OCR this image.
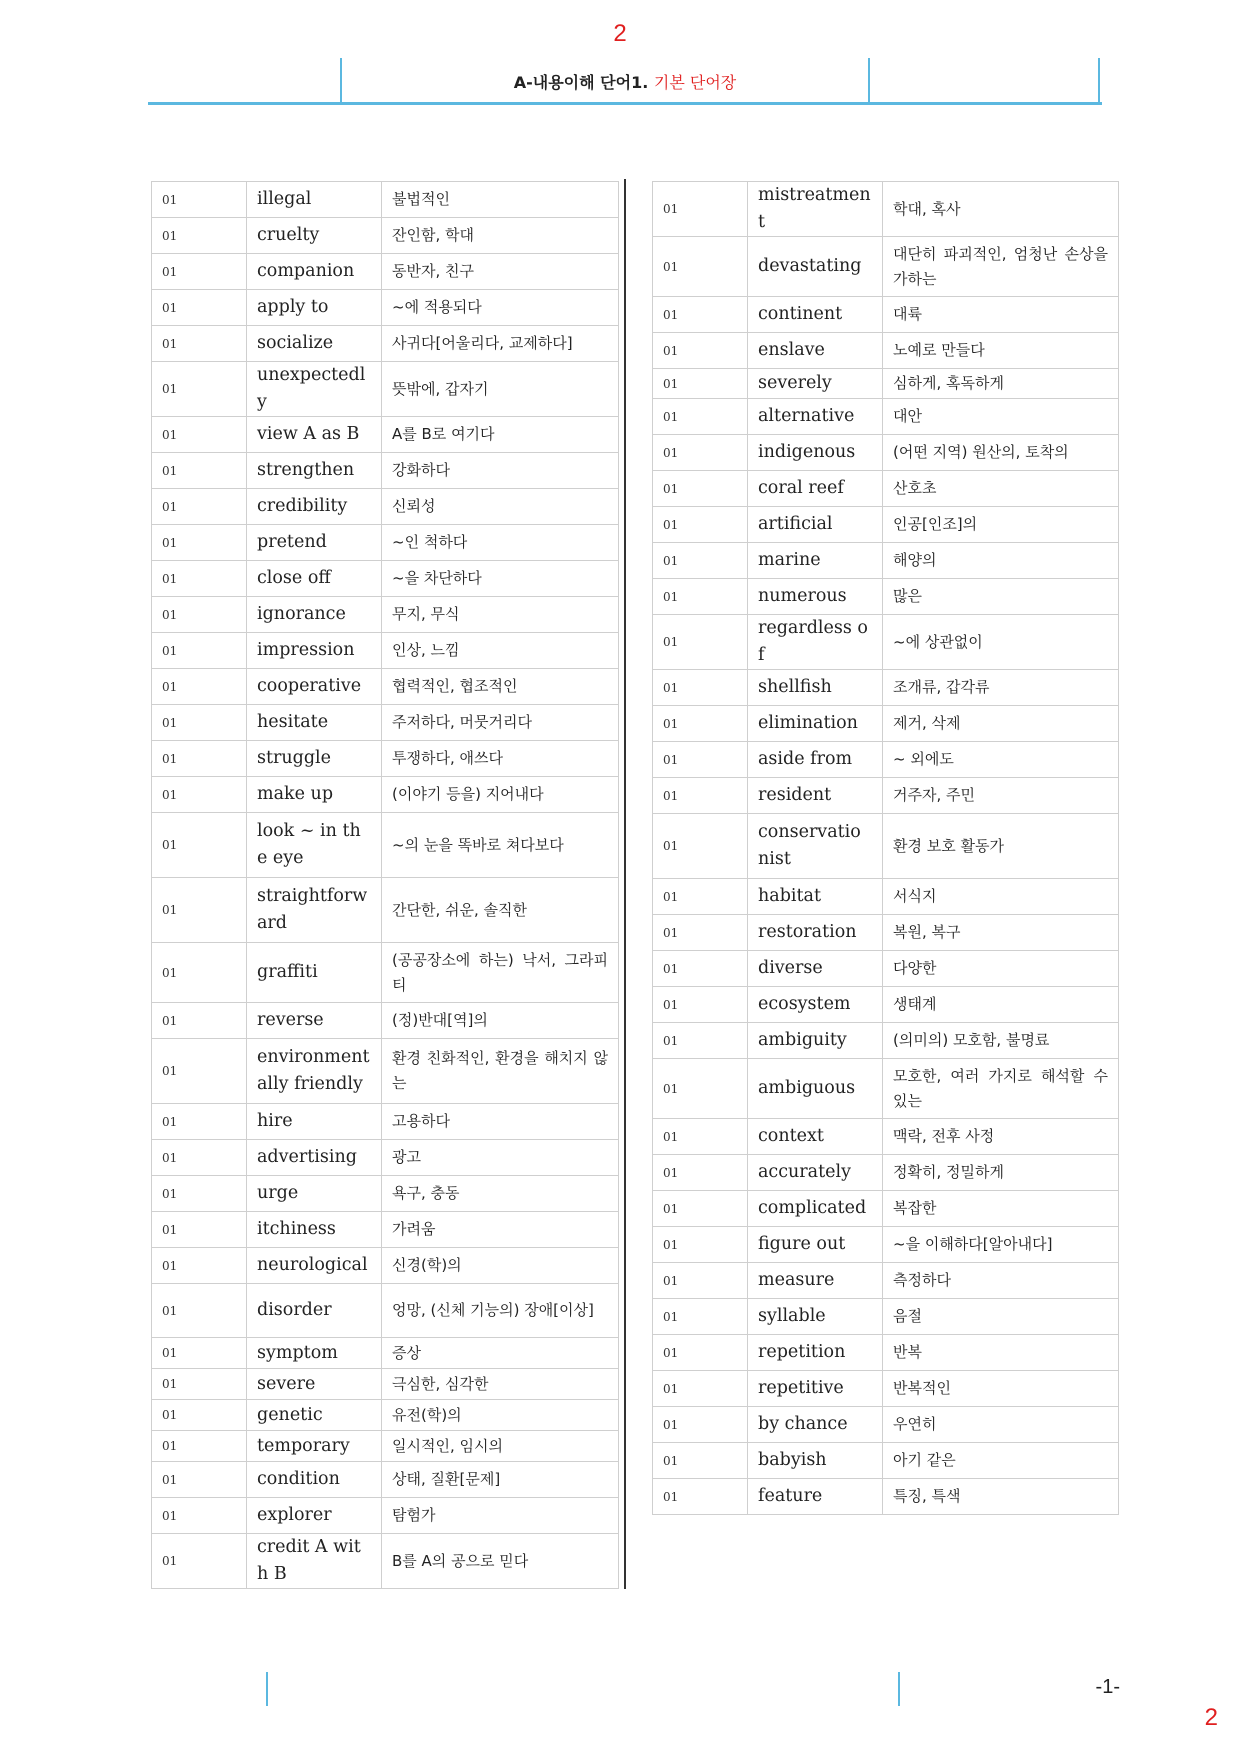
2
A-내용이해 단어1. 기본 단어장
01	illegal	불법적인
01	cruelty	잔인함, 학대
01	companion	동반자, 친구
01	apply to	~에 적용되다
01	socialize	사귀다[어울리다, 교제하다]
01	unexpectedly	뜻밖에, 갑자기
01	view A as B	A를 B로 여기다
01	strengthen	강화하다
01	credibility	신뢰성
01	pretend	~인 척하다
01	close off	~을 차단하다
01	ignorance	무지, 무식
01	impression	인상, 느낌
01	cooperative	협력적인, 협조적인
01	hesitate	주저하다, 머뭇거리다
01	struggle	투쟁하다, 애쓰다
01	make up	(이야기 등을) 지어내다
01	look ~ in the eye	~의 눈을 똑바로 쳐다보다
01	straightforward	간단한, 쉬운, 솔직한
01	graffiti	(공공장소에 하는) 낙서, 그라피티
01	reverse	(정)반대[역]의
01	environmentally friendly	환경 친화적인, 환경을 해치지 않는
01	hire	고용하다
01	advertising	광고
01	urge	욕구, 충동
01	itchiness	가려움
01	neurological	신경(학)의
01	disorder	엉망, (신체 기능의) 장애[이상]
01	symptom	증상
01	severe	극심한, 심각한
01	genetic	유전(학)의
01	temporary	일시적인, 임시의
01	condition	상태, 질환[문제]
01	explorer	탐험가
01	credit A with B	B를 A의 공으로 믿다
01	mistreatment	학대, 혹사
01	devastating	대단히 파괴적인, 엄청난 손상을 가하는
01	continent	대륙
01	enslave	노예로 만들다
01	severely	심하게, 혹독하게
01	alternative	대안
01	indigenous	(어떤 지역) 원산의, 토착의
01	coral reef	산호초
01	artificial	인공[인조]의
01	marine	해양의
01	numerous	많은
01	regardless of	~에 상관없이
01	shellfish	조개류, 갑각류
01	elimination	제거, 삭제
01	aside from	~ 외에도
01	resident	거주자, 주민
01	conservationist	환경 보호 활동가
01	habitat	서식지
01	restoration	복원, 복구
01	diverse	다양한
01	ecosystem	생태계
01	ambiguity	(의미의) 모호함, 불명료
01	ambiguous	모호한, 여러 가지로 해석할 수 있는
01	context	맥락, 전후 사정
01	accurately	정확히, 정밀하게
01	complicated	복잡한
01	figure out	~을 이해하다[알아내다]
01	measure	측정하다
01	syllable	음절
01	repetition	반복
01	repetitive	반복적인
01	by chance	우연히
01	babyish	아기 같은
01	feature	특징, 특색
-1-
2
